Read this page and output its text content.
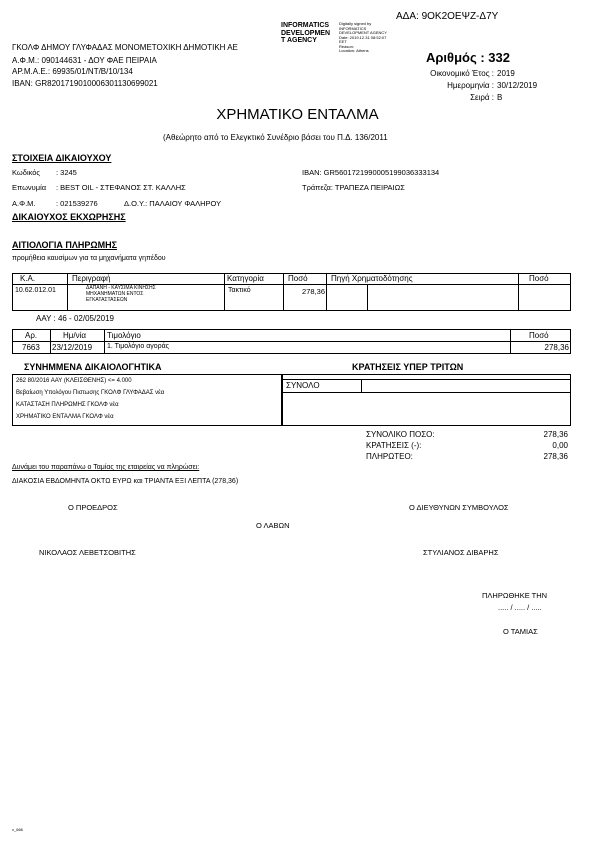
ΑΔΑ: 9ΟΚ2ΟΕΨΖ-Δ7Υ
INFORMATICS
DEVELOPMEN
T AGENCY
Digitally signed by
INFORMATICS
DEVELOPMENT AGENCY
Date: 2019.12.31 08:52:07
EET
Reason:
Location: Athens
ΓΚΟΛΦ ΔΗΜΟΥ ΓΛΥΦΑΔΑΣ ΜΟΝΟΜΕΤΟΧΙΚΗ ΔΗΜΟΤΙΚΗ ΑΕ
Α.Φ.Μ.: 090144631 - ΔΟΥ ΦΑΕ ΠΕΙΡΑΙΑ
ΑΡ.Μ.Α.Ε.: 69935/01/ΝΤ/Β/10/134
IBAN: GR8201719010006301130699021
Αριθμός : 332
Οικονομικό Έτος : 2019
Ημερομηνία : 30/12/2019
Σειρά : B
ΧΡΗΜΑΤΙΚΟ ΕΝΤΑΛΜΑ
(Αθεώρητο από το Ελεγκτικό Συνέδριο βάσει του Π.Δ. 136/2011
ΣΤΟΙΧΕΙΑ ΔΙΚΑΙΟΥΧΟΥ
Κωδικός : 3245
Επωνυμία : BEST OIL - ΣΤΕΦΑΝΟΣ ΣΤ. ΚΑΛΛΗΣ
Α.Φ.Μ.	: 021539276	Δ.Ο.Υ.: ΠΑΛΑΙΟΥ ΦΑΛΗΡΟΥ
IBAN: GR5601721990005199036333134
Τράπεζα: ΤΡΑΠΕΖΑ ΠΕΙΡΑΙΩΣ
ΔΙΚΑΙΟΥΧΟΣ ΕΚΧΩΡΗΣΗΣ
ΑΙΤΙΟΛΟΓΙΑ ΠΛΗΡΩΜΗΣ
προμήθεια καυσίμων για τα μηχανήματα γηπέδου
Κ.Α.	Περιγραφή	Κατηγορία	Ποσό	Πηγή Χρηματοδότησης	Ποσό
10.62.012.01	ΔΑΠΑΝΗ - ΚΑΥΣΙΜΑ ΚΙΝΗΣΗΣ
ΜΗΧΑΝΗΜΑΤΩΝ ΕΝΤΟΣ
ΕΓΚΑΤΑΣΤΑΣΕΩΝ
Τακτικό	278,36
ΑΑΥ : 46 - 02/05/2019
Αρ.	Ημ/νία	Τιμολόγιο	Ποσό
7663 23/12/2019 1. Τιμολόγιο αγοράς	278,36
ΣΥΝΗΜΜΕΝΑ ΔΙΚΑΙΟΛΟΓΗΤΙΚΑ	ΚΡΑΤΗΣΕΙΣ ΥΠΕΡ ΤΡΙΤΩΝ
ΣΥΝΟΛΟ
262 80/2016 ΑΑΥ (ΚΛΕΙΣΘΕΝΗΣ) <= 4.000
Βεβαίωση Υπολόγου Πιστωσης ΓΚΟΛΦ ΓΛΥΦΑΔΑΣ νέα
ΚΑΤΑΣΤΑΣΗ ΠΛΗΡΩΜΗΣ ΓΚΟΛΦ νέα
ΧΡΗΜΑΤΙΚΟ ΕΝΤΑΛΜΑ ΓΚΟΛΦ νέα
ΣΥΝΟΛΙΚΟ ΠΟΣΟ:	278,36
ΚΡΑΤΗΣΕΙΣ (-):	0,00
ΠΛΗΡΩΤΕΟ:	278,36
Δυνάμει του παραπάνω ο Ταμίας της εταιρείας να πληρώσει:
ΔΙΑΚΟΣΙΑ ΕΒΔΟΜΗΝΤΑ ΟΚΤΩ ΕΥΡΩ και ΤΡΙΑΝΤΑ ΕΞΙ ΛΕΠΤΑ (278,36)
Ο ΠΡΟΕΔΡΟΣ	Ο ΔΙΕΥΘΥΝΩΝ ΣΥΜΒΟΥΛΟΣ
Ο ΛΑΒΩΝ
ΝΙΚΟΛΑΟΣ ΛΕΒΕΤΣΟΒΙΤΗΣ	ΣΤΥΛΙΑΝΟΣ ΔΙΒΑΡΗΣ
ΠΛΗΡΩΘΗΚΕ ΤΗΝ
..... / ..... / .....
Ο ΤΑΜΙΑΣ
v_666
